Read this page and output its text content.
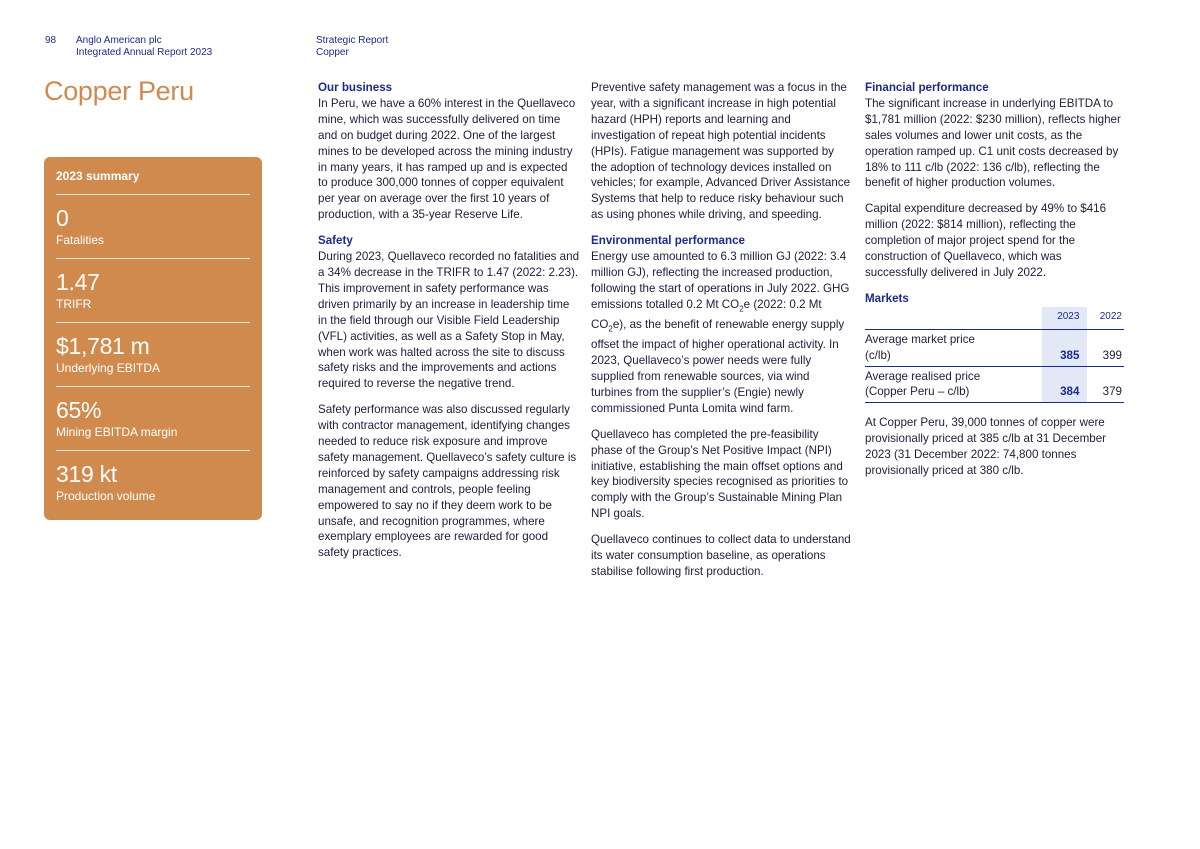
98 Anglo American plc
Integrated Annual Report 2023
Strategic Report
Copper
Copper Peru
2023 summary
0
Fatalities
1.47
TRIFR
$1,781 m
Underlying EBITDA
65%
Mining EBITDA margin
319 kt
Production volume
Our business

In Peru, we have a 60% interest in the Quellaveco mine, which was successfully delivered on time and on budget during 2022. One of the largest mines to be developed across the mining industry in many years, it has ramped up and is expected to produce 300,000 tonnes of copper equivalent per year on average over the first 10 years of production, with a 35-year Reserve Life.

Safety

During 2023, Quellaveco recorded no fatalities and a 34% decrease in the TRIFR to 1.47 (2022: 2.23). This improvement in safety performance was driven primarily by an increase in leadership time in the field through our Visible Field Leadership (VFL) activities, as well as a Safety Stop in May, when work was halted across the site to discuss safety risks and the improvements and actions required to reverse the negative trend.

Safety performance was also discussed regularly with contractor management, identifying changes needed to reduce risk exposure and improve safety management. Quellaveco’s safety culture is reinforced by safety campaigns addressing risk management and controls, people feeling empowered to say no if they deem work to be unsafe, and recognition programmes, where exemplary employees are rewarded for good safety practices.

Preventive safety management was a focus in the year, with a significant increase in high potential hazard (HPH) reports and learning and investigation of repeat high potential incidents (HPIs). Fatigue management was supported by the adoption of technology devices installed on vehicles; for example, Advanced Driver Assistance Systems that help to reduce risky behaviour such as using phones while driving, and speeding.

Environmental performance

Energy use amounted to 6.3 million GJ (2022: 3.4 million GJ), reflecting the increased production, following the start of operations in July 2022. GHG emissions totalled 0.2 Mt $CO_2e$ (2022: 0.2 Mt $CO_2e$), as the benefit of renewable energy supply offset the impact of higher operational activity. In 2023, Quellaveco’s power needs were fully supplied from renewable sources, via wind turbines from the supplier’s (Engie) newly commissioned Punta Lomita wind farm.

Quellaveco has completed the pre-feasibility phase of the Group’s Net Positive Impact (NPI) initiative, establishing the main offset options and key biodiversity species recognised as priorities to comply with the Group’s Sustainable Mining Plan NPI goals.

Quellaveco continues to collect data to understand its water consumption baseline, as operations stabilise following first production.

Financial performance

The significant increase in underlying EBITDA to $1,781 million (2022: $230 million), reflects higher sales volumes and lower unit costs, as the operation ramped up. C1 unit costs decreased by 18% to 111 c/lb (2022: 136 c/lb), reflecting the benefit of higher production volumes.

Capital expenditure decreased by 49% to $416 million (2022: $814 million), reflecting the completion of major project spend for the construction of Quellaveco, which was successfully delivered in July 2022.

Markets
	2023	2022
Average market price
(c/lb)	385	399
Average realised price
(Copper Peru – c/lb)	384	379

At Copper Peru, 39,000 tonnes of copper were provisionally priced at 385 c/lb at 31 December 2023 (31 December 2022: 74,800 tonnes provisionally priced at 380 c/lb.
